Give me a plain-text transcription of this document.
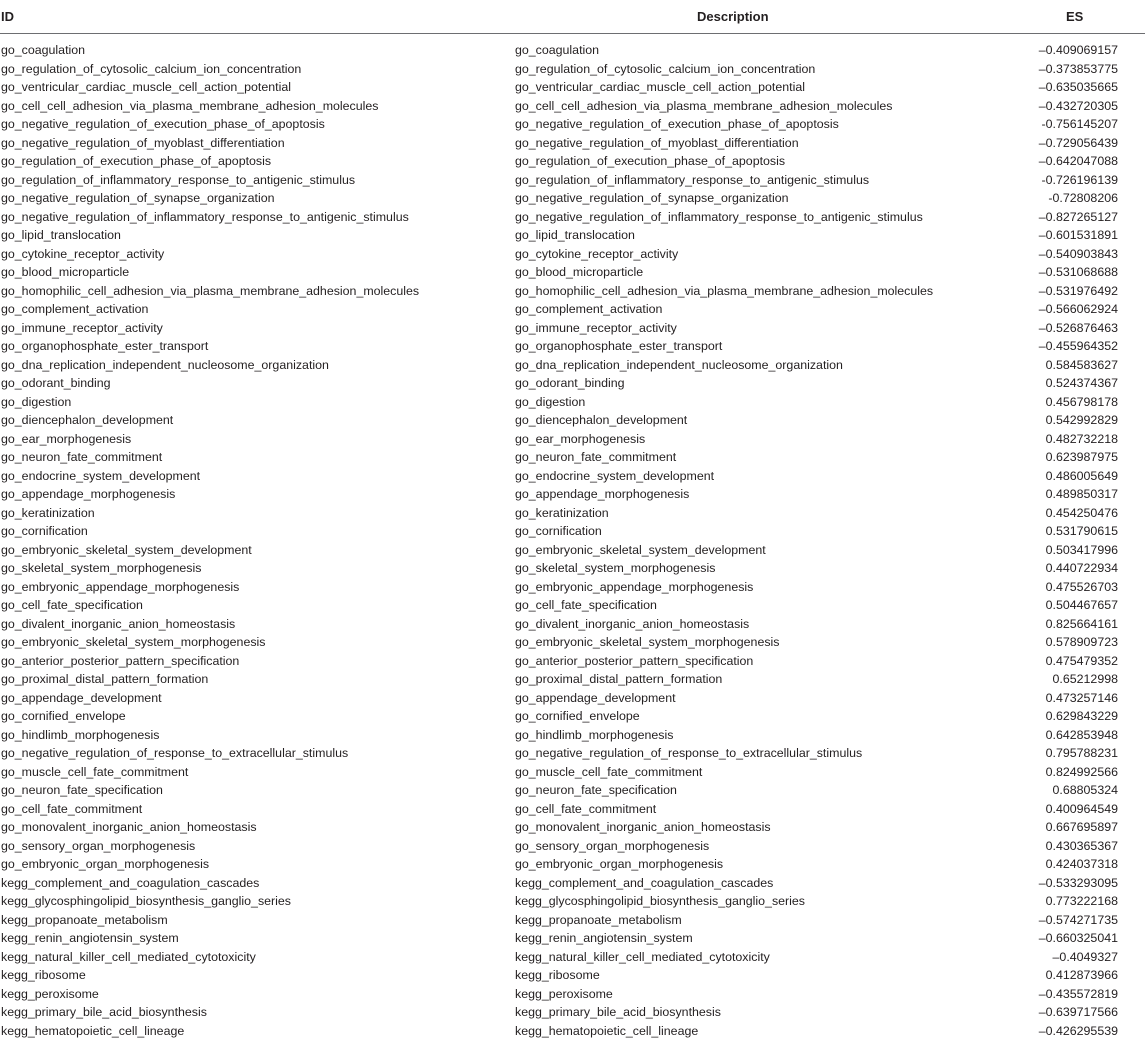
ID	Description	ES
go_coagulation	go_coagulation	–0.409069157
go_regulation_of_cytosolic_calcium_ion_concentration	go_regulation_of_cytosolic_calcium_ion_concentration	–0.373853775
go_ventricular_cardiac_muscle_cell_action_potential	go_ventricular_cardiac_muscle_cell_action_potential	–0.635035665
go_cell_cell_adhesion_via_plasma_membrane_adhesion_molecules	go_cell_cell_adhesion_via_plasma_membrane_adhesion_molecules	–0.432720305
go_negative_regulation_of_execution_phase_of_apoptosis	go_negative_regulation_of_execution_phase_of_apoptosis	-0.756145207
go_negative_regulation_of_myoblast_differentiation	go_negative_regulation_of_myoblast_differentiation	–0.729056439
go_regulation_of_execution_phase_of_apoptosis	go_regulation_of_execution_phase_of_apoptosis	–0.642047088
go_regulation_of_inflammatory_response_to_antigenic_stimulus	go_regulation_of_inflammatory_response_to_antigenic_stimulus	-0.726196139
go_negative_regulation_of_synapse_organization	go_negative_regulation_of_synapse_organization	-0.72808206
go_negative_regulation_of_inflammatory_response_to_antigenic_stimulus	go_negative_regulation_of_inflammatory_response_to_antigenic_stimulus	–0.827265127
go_lipid_translocation	go_lipid_translocation	–0.601531891
go_cytokine_receptor_activity	go_cytokine_receptor_activity	–0.540903843
go_blood_microparticle	go_blood_microparticle	–0.531068688
go_homophilic_cell_adhesion_via_plasma_membrane_adhesion_molecules	go_homophilic_cell_adhesion_via_plasma_membrane_adhesion_molecules	–0.531976492
go_complement_activation	go_complement_activation	–0.566062924
go_immune_receptor_activity	go_immune_receptor_activity	–0.526876463
go_organophosphate_ester_transport	go_organophosphate_ester_transport	–0.455964352
go_dna_replication_independent_nucleosome_organization	go_dna_replication_independent_nucleosome_organization	0.584583627
go_odorant_binding	go_odorant_binding	0.524374367
go_digestion	go_digestion	0.456798178
go_diencephalon_development	go_diencephalon_development	0.542992829
go_ear_morphogenesis	go_ear_morphogenesis	0.482732218
go_neuron_fate_commitment	go_neuron_fate_commitment	0.623987975
go_endocrine_system_development	go_endocrine_system_development	0.486005649
go_appendage_morphogenesis	go_appendage_morphogenesis	0.489850317
go_keratinization	go_keratinization	0.454250476
go_cornification	go_cornification	0.531790615
go_embryonic_skeletal_system_development	go_embryonic_skeletal_system_development	0.503417996
go_skeletal_system_morphogenesis	go_skeletal_system_morphogenesis	0.440722934
go_embryonic_appendage_morphogenesis	go_embryonic_appendage_morphogenesis	0.475526703
go_cell_fate_specification	go_cell_fate_specification	0.504467657
go_divalent_inorganic_anion_homeostasis	go_divalent_inorganic_anion_homeostasis	0.825664161
go_embryonic_skeletal_system_morphogenesis	go_embryonic_skeletal_system_morphogenesis	0.578909723
go_anterior_posterior_pattern_specification	go_anterior_posterior_pattern_specification	0.475479352
go_proximal_distal_pattern_formation	go_proximal_distal_pattern_formation	0.65212998
go_appendage_development	go_appendage_development	0.473257146
go_cornified_envelope	go_cornified_envelope	0.629843229
go_hindlimb_morphogenesis	go_hindlimb_morphogenesis	0.642853948
go_negative_regulation_of_response_to_extracellular_stimulus	go_negative_regulation_of_response_to_extracellular_stimulus	0.795788231
go_muscle_cell_fate_commitment	go_muscle_cell_fate_commitment	0.824992566
go_neuron_fate_specification	go_neuron_fate_specification	0.68805324
go_cell_fate_commitment	go_cell_fate_commitment	0.400964549
go_monovalent_inorganic_anion_homeostasis	go_monovalent_inorganic_anion_homeostasis	0.667695897
go_sensory_organ_morphogenesis	go_sensory_organ_morphogenesis	0.430365367
go_embryonic_organ_morphogenesis	go_embryonic_organ_morphogenesis	0.424037318
kegg_complement_and_coagulation_cascades	kegg_complement_and_coagulation_cascades	–0.533293095
kegg_glycosphingolipid_biosynthesis_ganglio_series	kegg_glycosphingolipid_biosynthesis_ganglio_series	0.773222168
kegg_propanoate_metabolism	kegg_propanoate_metabolism	–0.574271735
kegg_renin_angiotensin_system	kegg_renin_angiotensin_system	–0.660325041
kegg_natural_killer_cell_mediated_cytotoxicity	kegg_natural_killer_cell_mediated_cytotoxicity	–0.4049327
kegg_ribosome	kegg_ribosome	0.412873966
kegg_peroxisome	kegg_peroxisome	–0.435572819
kegg_primary_bile_acid_biosynthesis	kegg_primary_bile_acid_biosynthesis	–0.639717566
kegg_hematopoietic_cell_lineage	kegg_hematopoietic_cell_lineage	–0.426295539
